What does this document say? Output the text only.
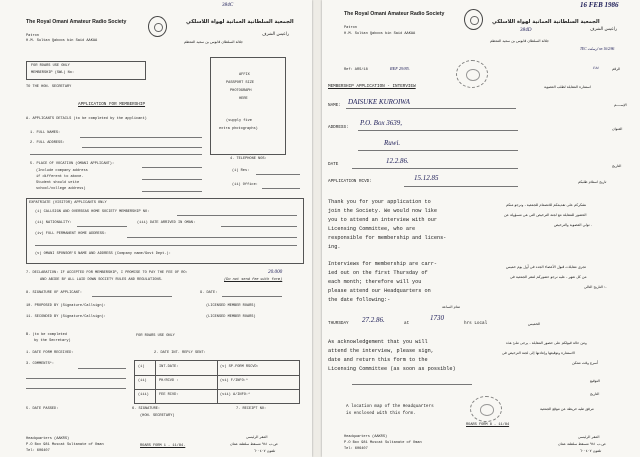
The Royal Omani Amateur Radio Society
384C
الجمعية السلطانية العمانية لهواة اللاسلكي
Patron
H.M. Sultan Qaboos bin Said AAKAA
راعيس الشرف
جلالة السلطان قابوس بن سعيد المعظم
FOR ROARS USE ONLY
MEMBERSHIP (SWL) No:
TO THE HON. SECRETARY
AFFIX
PASSPORT SIZE
PHOTOGRAPH
HERE
(supply five
extra photographs)
APPLICATION FOR MEMBERSHIP
A. APPLICANTS DETAILS (to be completed by the applicant)
1. FULL NAMES:
2. FULL ADDRESS:
5. PLACE OF VOCATION (OMANI APPLICANT):
(Include company address
if different to above.
Student should write
school/college address)
4. TELEPHONE NOS:
(i) Res:
(ii) Office:
EXPATRIATE (VISITOR) APPLICANTS ONLY
(i) CALLSIGN AND OVERSEAS HOME SOCIETY MEMBERSHIP NO:
(ii) NATIONALITY:	(iii) DATE ARRIVED IN OMAN:
(iv) FULL PERMANENT HOME ADDRESS:
(v) OMANI SPONSOR'S NAME AND ADDRESS (Company name/Govt Dept.):
7. DECLARATION: IF ACCEPTED FOR MEMBERSHIP, I PROMISE TO PAY THE FEE OF RO:	20.000
AND ABIDE BY ALL LAID DOWN SOCIETY RULES AND REGULATIONS.	(Do not send fee with form)
8. SIGNATURE OF APPLICANT:	9. DATE:
10. PROPOSED BY (Signature/Callsign):	(LICENSED MEMBER ROARS)
11. SECONDED BY (Signature/Callsign):	(LICENSED MEMBER ROARS)
B. (to be completed
by the Secretary)
FOR ROARS USE ONLY
1. DATE FORM RECEIVED:	2. DATE INT. REPLY SENT:
3. COMMENTS*:
(i)	INT.DATE:	(v) SP.FORM RSCVD:
(ii)	PH/RCVD :	(vi) F/INFO:*
(iii)	FEE RCVD:	(vii) A/INFO:*
5. DATE PASSED:	6. SIGNATURE:
(HON. SECRETARY)
7. RECEIPT NO:
Headquarters (AAKRS)
P.O Box 981 Muscat Sultanate of Oman
Tel: 606407
ROARS FORM 1 - 11/84.
المقر الرئيسي
ص.ب ٩٨١ مسقط سلطنة عمان
تلفون ٦٠٠٤٠٧
The Royal Omani Amateur Radio Society
16 FEB 1986
الجمعية السلطانية العمانية لهواة اللاسلكي
384D
Patron
H.M. Sultan Qaboos bin Said AAKAA
راعيس الشرف
جلالة السلطان قابوس بن سعيد المعظم
TEC ارسلت on 16/2/86
Ref: ARS/18	REF 29/85.	الرقم
١/٨٤
MEMBERSHIP APPLICATION - INTERVIEW	استمارة المقابلة لطلب العضوية
NAME: DAISUKE KUROIWA	الإســــم
ADDRESS:
P.O. Box 3639,
العنوان
Ruwi.
DATE	12.2.86.
التاريخ
APPLICATION RCVD:	15.12.85	تاريخ استلام طلبكم
Thank you for your application to
join the Society. We would now like
you to attend an interview with our
Licensing Committee, who are
responsible for membership and licens-
ing.
نشكركم على تقديمكم للانضمام للجمعية ، ونرجو منكم
الحضور للمقابلة مع لجنة الترخيص التي هي مسؤولة عن
تولي العضوية والترخيص .
Interviews for membership are carr-
ied out on the first Thursday of
each month; therefore will you
please attend our Headquarters on
the date following:-
تجرى مقابلات قبول الأعضاء الجدد في أول يوم خميس
من كل شهر ، عليه نرجو حضوركم لمقر الجمعية في
التاريخ التالي :-
THURSDAY 27.2.86.	at
1730
hrs Local	الخميس
تمام الساعة
As acknowledgement that you will
attend the interview, please sign,
date and return this form to the
Licensing Committee (as soon as possible)
ومن حالة قبولكم على حضور المقابلة ، يرجى ملئ هذه
الاستمارة وتوقيعها وإعادتها إلى لجنة الترخيص في
أسرع وقت ممكن
التوقيع
التاريخ
A location map of the Headquarters
is enclosed with this form.
مرفق طيه خريطة عن موقع الجمعية
Headquarters (AAKRS)
P.O Box 981 Muscat Sultanate of Oman
Tel: 606407
ROARS FORM 8 - 11/84
المقر الرئيسي
ص.ب ٩٨١ مسقط سلطنة عمان
تلفون ٦٠٠٤٠٧
